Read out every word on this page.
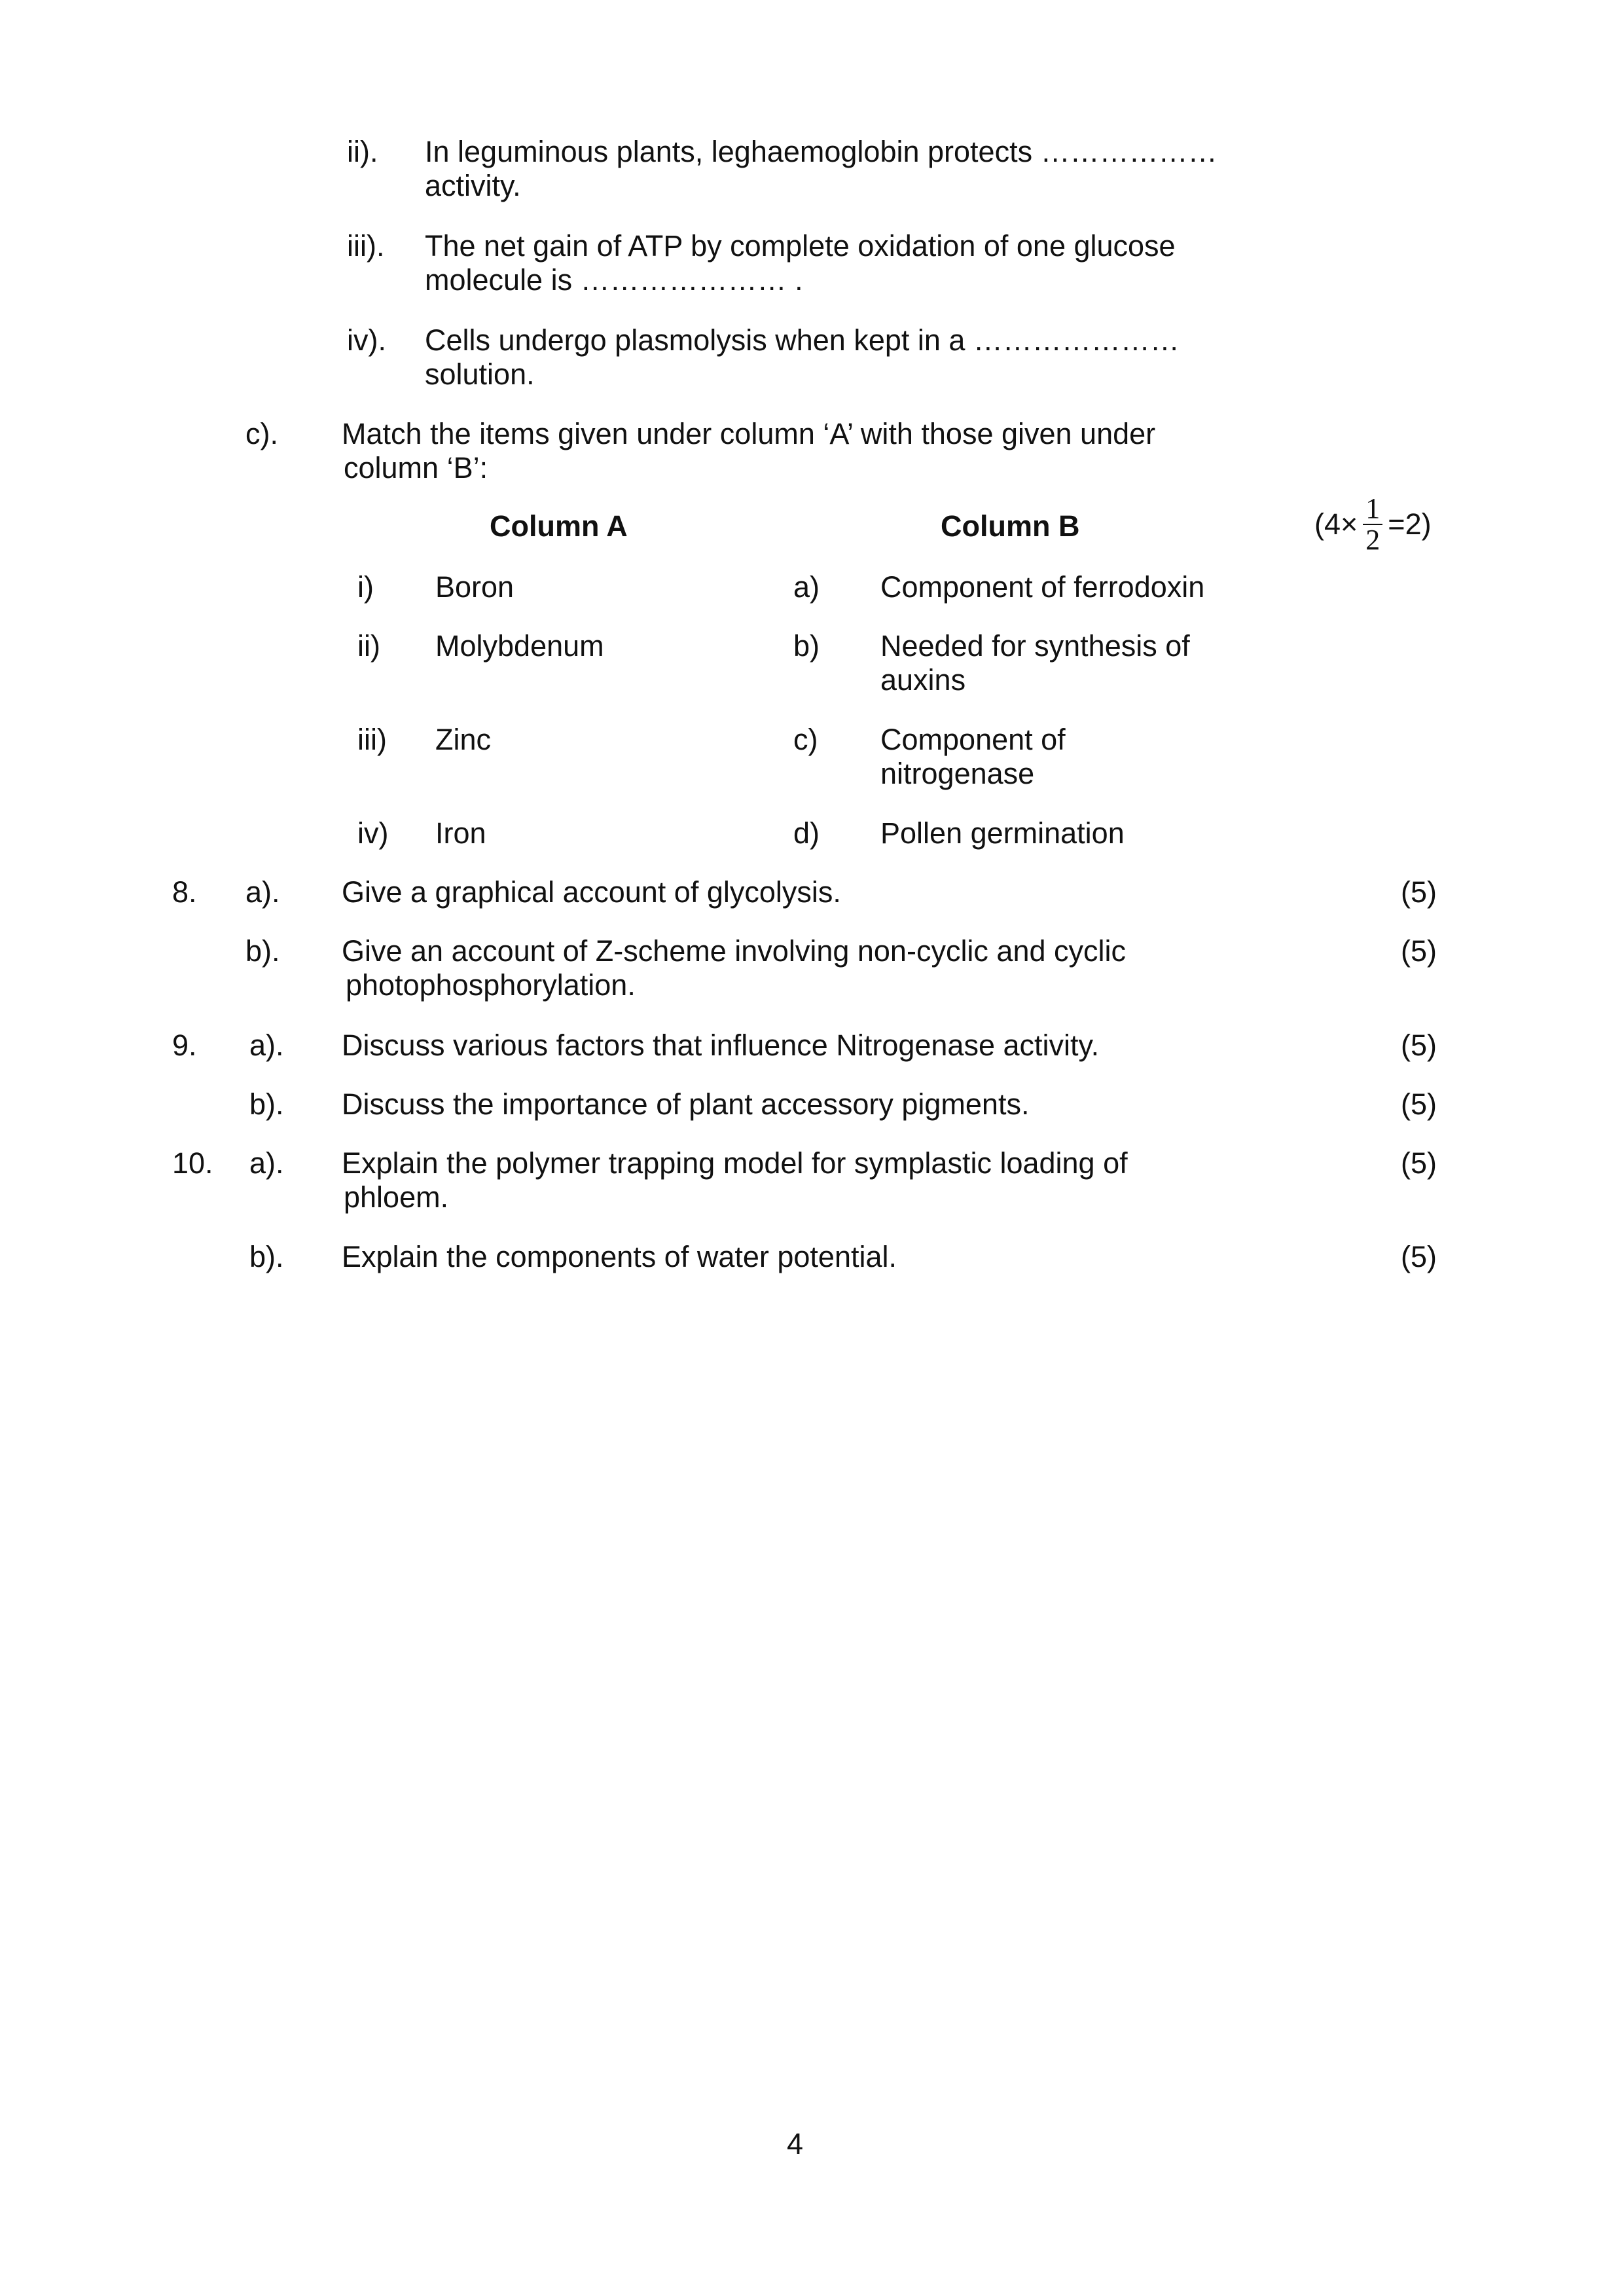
ii). In leguminous plants, leghaemoglobin protects ………………
activity.
iii). The net gain of ATP by complete oxidation of one glucose
molecule is ………………… .
iv). Cells undergo plasmolysis when kept in a …………………
solution.
c). Match the items given under column ‘A’ with those given under
column ‘B’:
Column A	Column B	$(4\times \frac{1}{2} =2)$
i) Boron	a) Component of ferrodoxin
ii) Molybdenum	b) Needed for synthesis of
auxins
iii) Zinc	c) Component of
nitrogenase
iv) Iron	d) Pollen germination
8. a). Give a graphical account of glycolysis.	(5)
b). Give an account of Z-scheme involving non-cyclic and cyclic
photophosphorylation.
(5)
9. a). Discuss various factors that influence Nitrogenase activity.	(5)
b). Discuss the importance of plant accessory pigments.	(5)
10. a). Explain the polymer trapping model for symplastic loading of
phloem.
(5)
b). Explain the components of water potential.	(5)
4
